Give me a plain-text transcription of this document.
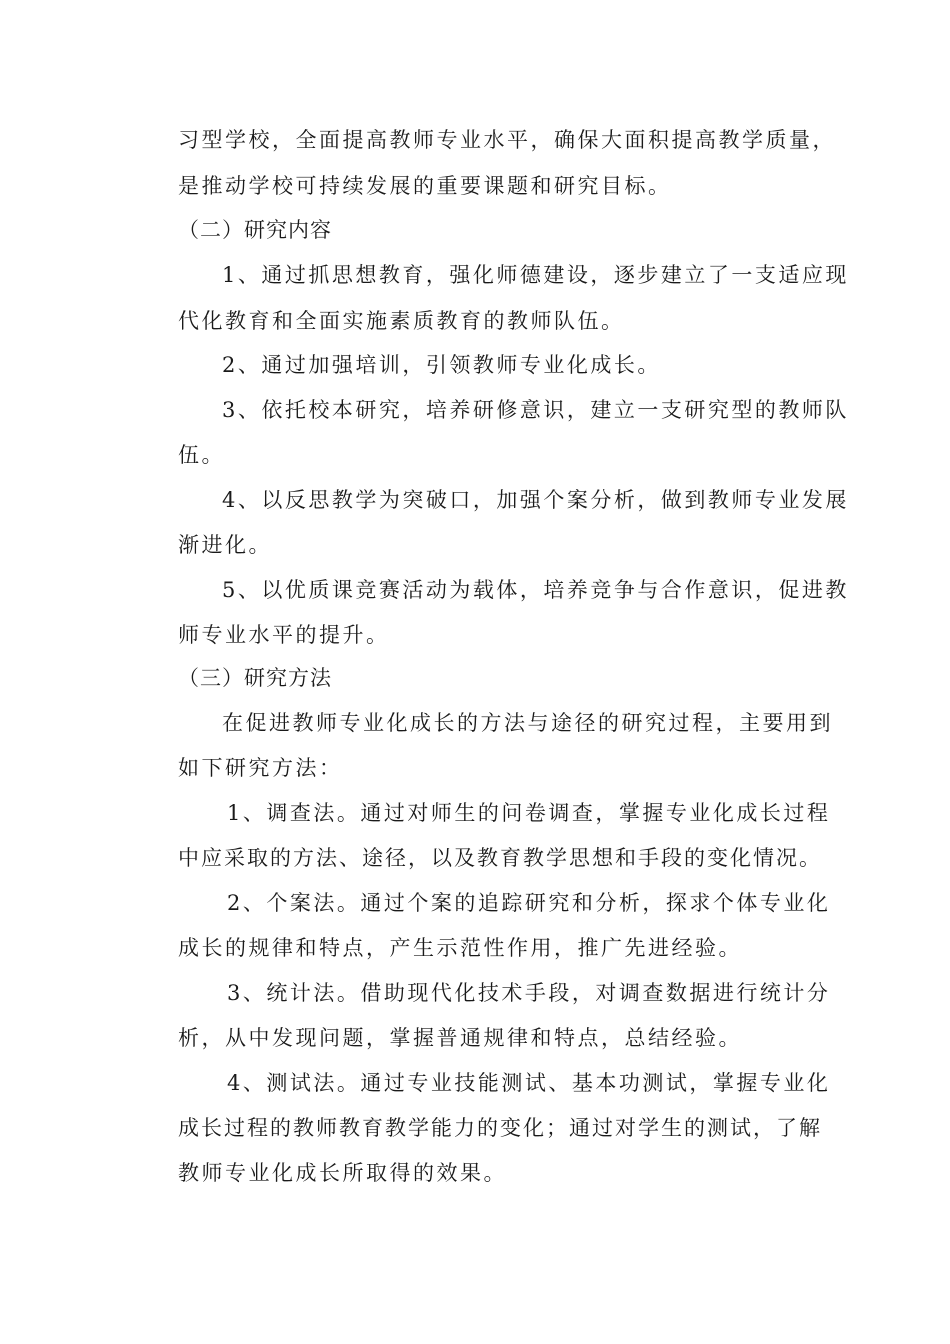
习型学校，全面提高教师专业水平，确保大面积提高教学质量，
是推动学校可持续发展的重要课题和研究目标。
（二）研究内容
1、通过抓思想教育，强化师德建设，逐步建立了一支适应现
代化教育和全面实施素质教育的教师队伍。
2、通过加强培训，引领教师专业化成长。
3、依托校本研究，培养研修意识，建立一支研究型的教师队
伍。
4、以反思教学为突破口，加强个案分析，做到教师专业发展
渐进化。
5、以优质课竞赛活动为载体，培养竞争与合作意识，促进教
师专业水平的提升。
（三）研究方法
在促进教师专业化成长的方法与途径的研究过程，主要用到
如下研究方法：
1、调查法。通过对师生的问卷调查，掌握专业化成长过程
中应采取的方法、途径，以及教育教学思想和手段的变化情况。
2、个案法。通过个案的追踪研究和分析，探求个体专业化
成长的规律和特点，产生示范性作用，推广先进经验。
3、统计法。借助现代化技术手段，对调查数据进行统计分
析，从中发现问题，掌握普通规律和特点，总结经验。
4、测试法。通过专业技能测试、基本功测试，掌握专业化
成长过程的教师教育教学能力的变化；通过对学生的测试，了解
教师专业化成长所取得的效果。
